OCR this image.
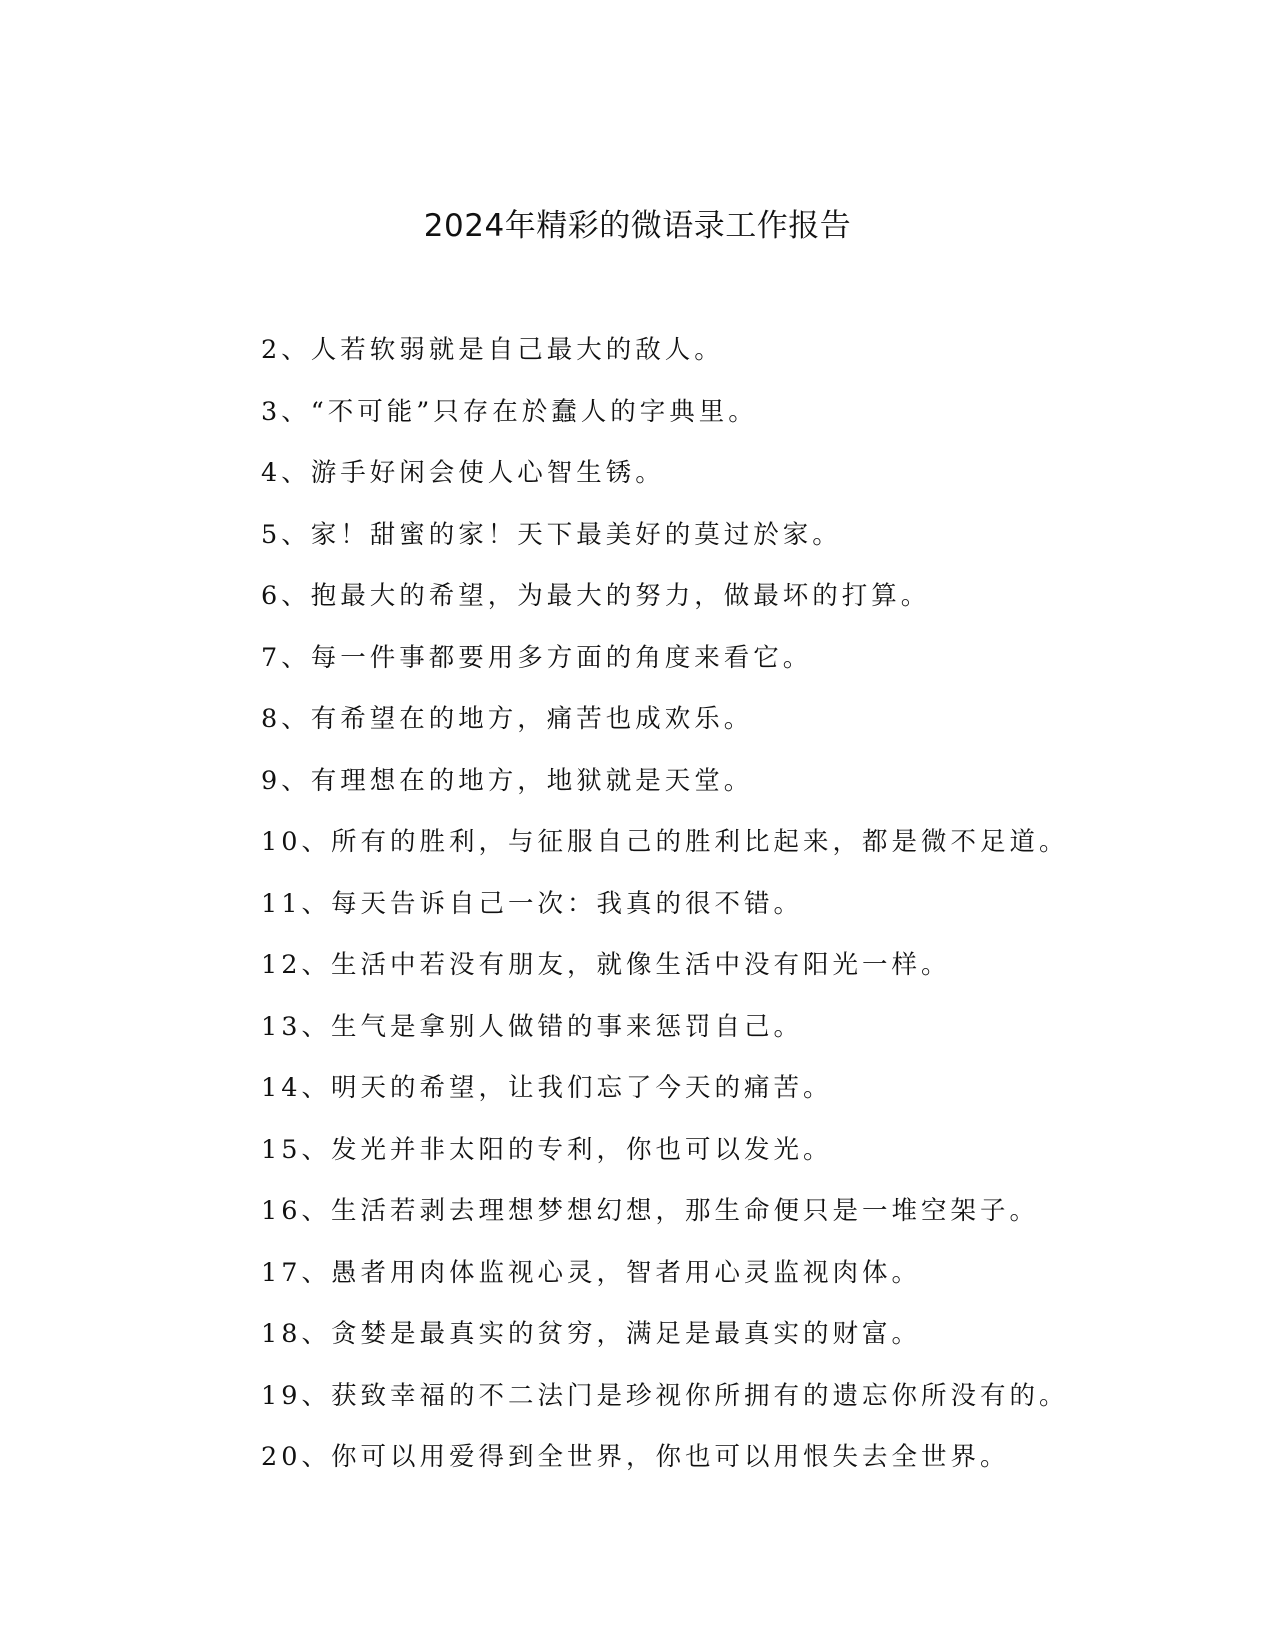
2024年精彩的微语录工作报告
2、人若软弱就是自己最大的敌人。
3、“不可能”只存在於蠢人的字典里。
4、游手好闲会使人心智生锈。
5、家！甜蜜的家！天下最美好的莫过於家。
6、抱最大的希望，为最大的努力，做最坏的打算。
7、每一件事都要用多方面的角度来看它。
8、有希望在的地方，痛苦也成欢乐。
9、有理想在的地方，地狱就是天堂。
10、所有的胜利，与征服自己的胜利比起来，都是微不足道。
11、每天告诉自己一次：我真的很不错。
12、生活中若没有朋友，就像生活中没有阳光一样。
13、生气是拿别人做错的事来惩罚自己。
14、明天的希望，让我们忘了今天的痛苦。
15、发光并非太阳的专利，你也可以发光。
16、生活若剥去理想梦想幻想，那生命便只是一堆空架子。
17、愚者用肉体监视心灵，智者用心灵监视肉体。
18、贪婪是最真实的贫穷，满足是最真实的财富。
19、获致幸福的不二法门是珍视你所拥有的遗忘你所没有的。
20、你可以用爱得到全世界，你也可以用恨失去全世界。
